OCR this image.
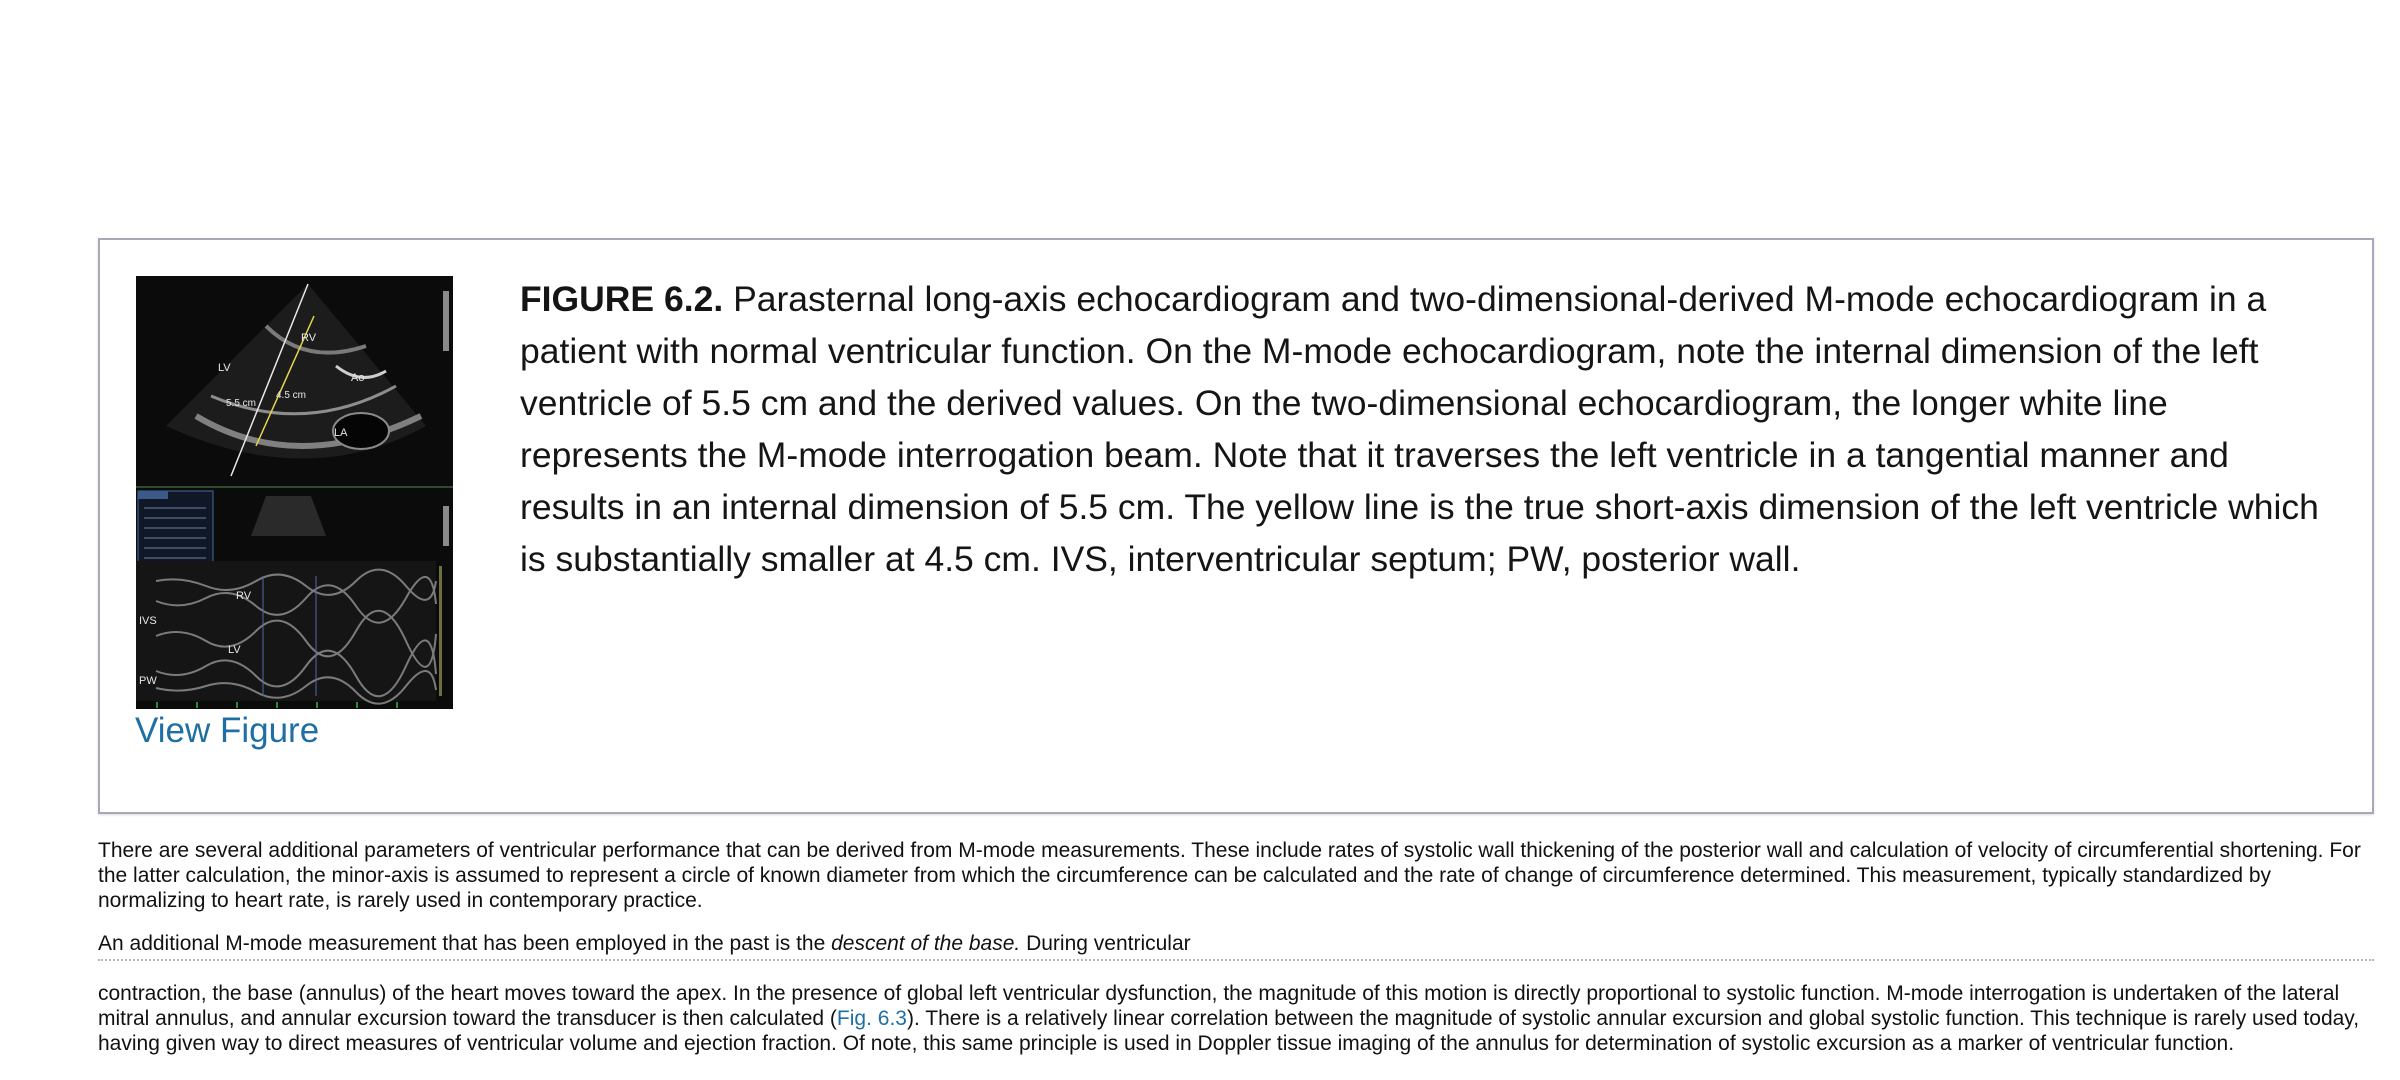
RV
LV
Ao
LA
5.5 cm
4.5 cm
IVS
RV
LV
PW
View Figure
FIGURE 6.2. Parasternal long-axis echocardiogram and two-dimensional-derived M-mode echocardiogram in a patient with normal ventricular function. On the M-mode echocardiogram, note the internal dimension of the left ventricle of 5.5 cm and the derived values. On the two-dimensional echocardiogram, the longer white line represents the M-mode interrogation beam. Note that it traverses the left ventricle in a tangential manner and results in an internal dimension of 5.5 cm. The yellow line is the true short-axis dimension of the left ventricle which is substantially smaller at 4.5 cm. IVS, interventricular septum; PW, posterior wall.

There are several additional parameters of ventricular performance that can be derived from M-mode measurements. These include rates of systolic wall thickening of the posterior wall and calculation of velocity of circumferential shortening. For the latter calculation, the minor-axis is assumed to represent a circle of known diameter from which the circumference can be calculated and the rate of change of circumference determined. This measurement, typically standardized by normalizing to heart rate, is rarely used in contemporary practice.

An additional M-mode measurement that has been employed in the past is the descent of the base. During ventricular

contraction, the base (annulus) of the heart moves toward the apex. In the presence of global left ventricular dysfunction, the magnitude of this motion is directly proportional to systolic function. M-mode interrogation is undertaken of the lateral mitral annulus, and annular excursion toward the transducer is then calculated (Fig. 6.3). There is a relatively linear correlation between the magnitude of systolic annular excursion and global systolic function. This technique is rarely used today, having given way to direct measures of ventricular volume and ejection fraction. Of note, this same principle is used in Doppler tissue imaging of the annulus for determination of systolic excursion as a marker of ventricular function.
